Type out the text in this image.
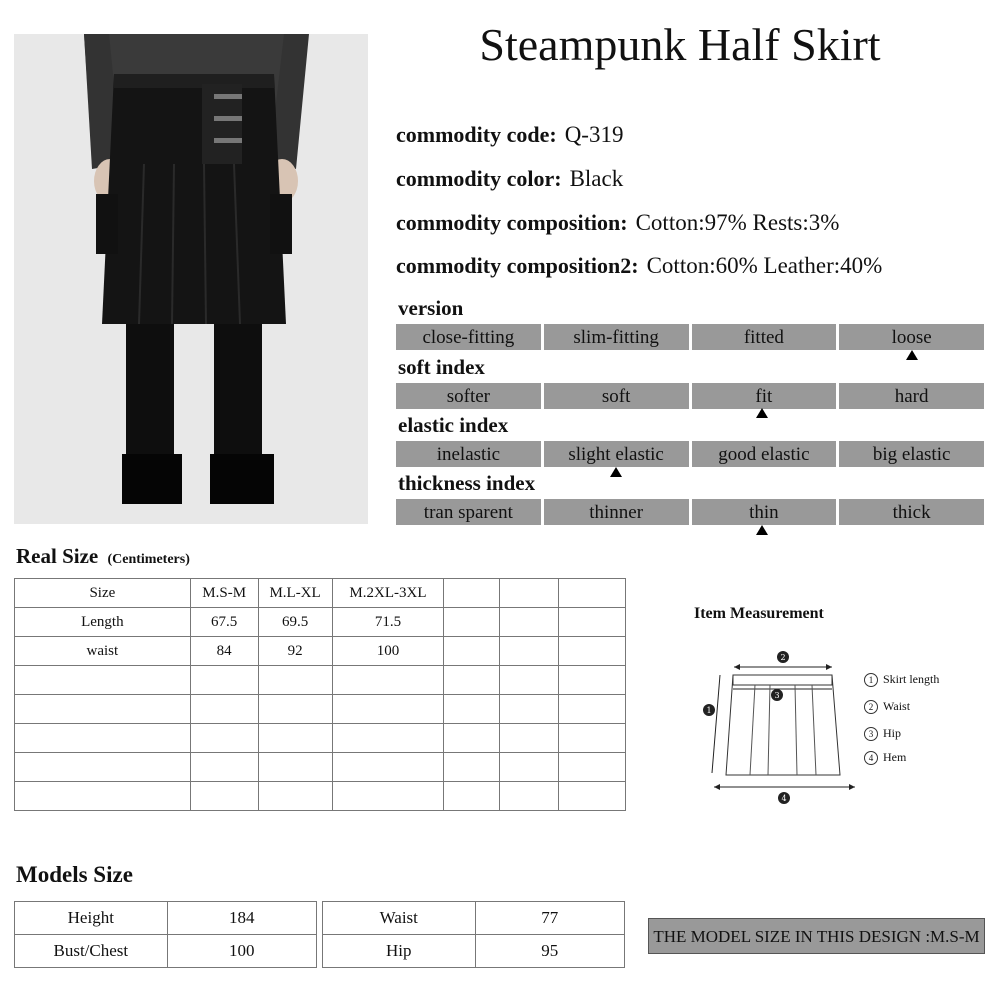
Steampunk Half Skirt
commodity code: Q-319
commodity color: Black
commodity composition: Cotton:97% Rests:3%
commodity composition2: Cotton:60% Leather:40%
version
close-fitting	slim-fitting	fitted	loose
soft index
softer	soft	fit	hard
elastic index
inelastic	slight elastic	good elastic	big elastic
thickness index
tran sparent	thinner	thin	thick
Real Size (Centimeters)
Size	M.S-M	M.L-XL	M.2XL-3XL			
Length	67.5	69.5	71.5			
waist	84	92	100			

Models Size
Height	184
Bust/Chest	100
Waist	77
Hip	95
THE MODEL SIZE IN THIS DESIGN :M.S-M
Item Measurement
2
3
1
4
1 Skirt length
2 Waist
3 Hip
4 Hem
